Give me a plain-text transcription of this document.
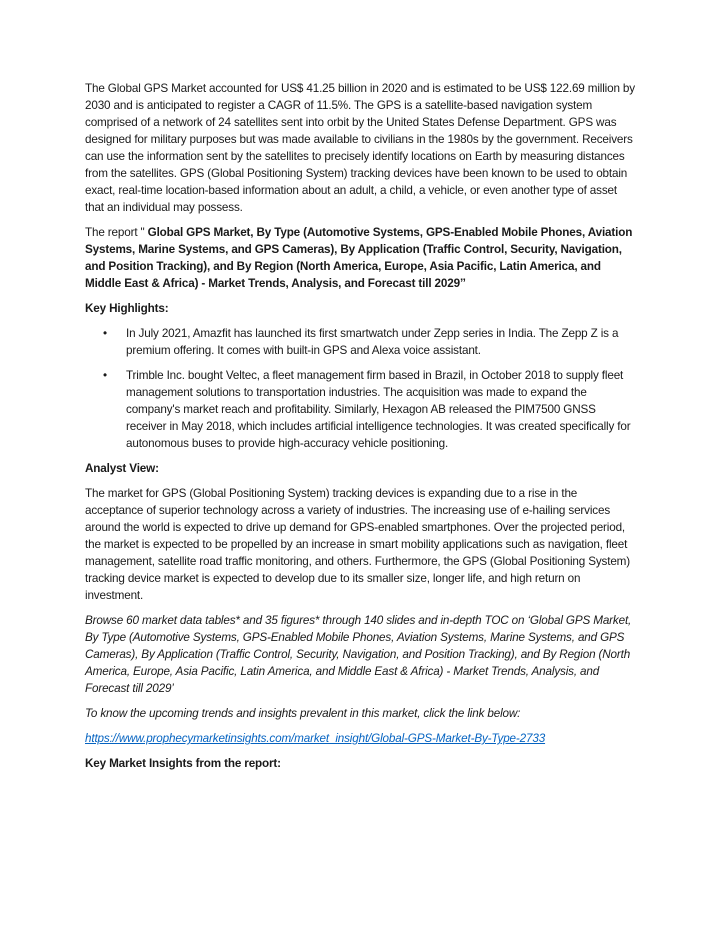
The Global GPS Market accounted for US$ 41.25 billion in 2020 and is estimated to be US$ 122.69 million by 2030 and is anticipated to register a CAGR of 11.5%. The GPS is a satellite-based navigation system comprised of a network of 24 satellites sent into orbit by the United States Defense Department. GPS was designed for military purposes but was made available to civilians in the 1980s by the government. Receivers can use the information sent by the satellites to precisely identify locations on Earth by measuring distances from the satellites. GPS (Global Positioning System) tracking devices have been known to be used to obtain exact, real-time location-based information about an adult, a child, a vehicle, or even another type of asset that an individual may possess.

The report " Global GPS Market, By Type (Automotive Systems, GPS-Enabled Mobile Phones, Aviation Systems, Marine Systems, and GPS Cameras), By Application (Traffic Control, Security, Navigation, and Position Tracking), and By Region (North America, Europe, Asia Pacific, Latin America, and Middle East & Africa) - Market Trends, Analysis, and Forecast till 2029’’

Key Highlights:

• In July 2021, Amazfit has launched its first smartwatch under Zepp series in India. The Zepp Z is a premium offering. It comes with built-in GPS and Alexa voice assistant.
• Trimble Inc. bought Veltec, a fleet management firm based in Brazil, in October 2018 to supply fleet management solutions to transportation industries. The acquisition was made to expand the company's market reach and profitability. Similarly, Hexagon AB released the PIM7500 GNSS receiver in May 2018, which includes artificial intelligence technologies. It was created specifically for autonomous buses to provide high-accuracy vehicle positioning.

Analyst View:

The market for GPS (Global Positioning System) tracking devices is expanding due to a rise in the acceptance of superior technology across a variety of industries. The increasing use of e-hailing services around the world is expected to drive up demand for GPS-enabled smartphones. Over the projected period, the market is expected to be propelled by an increase in smart mobility applications such as navigation, fleet management, satellite road traffic monitoring, and others. Furthermore, the GPS (Global Positioning System) tracking device market is expected to develop due to its smaller size, longer life, and high return on investment.

Browse 60 market data tables* and 35 figures* through 140 slides and in-depth TOC on ‘Global GPS Market, By Type (Automotive Systems, GPS-Enabled Mobile Phones, Aviation Systems, Marine Systems, and GPS Cameras), By Application (Traffic Control, Security, Navigation, and Position Tracking), and By Region (North America, Europe, Asia Pacific, Latin America, and Middle East & Africa) - Market Trends, Analysis, and Forecast till 2029’

To know the upcoming trends and insights prevalent in this market, click the link below:

https://www.prophecymarketinsights.com/market_insight/Global-GPS-Market-By-Type-2733

Key Market Insights from the report:
